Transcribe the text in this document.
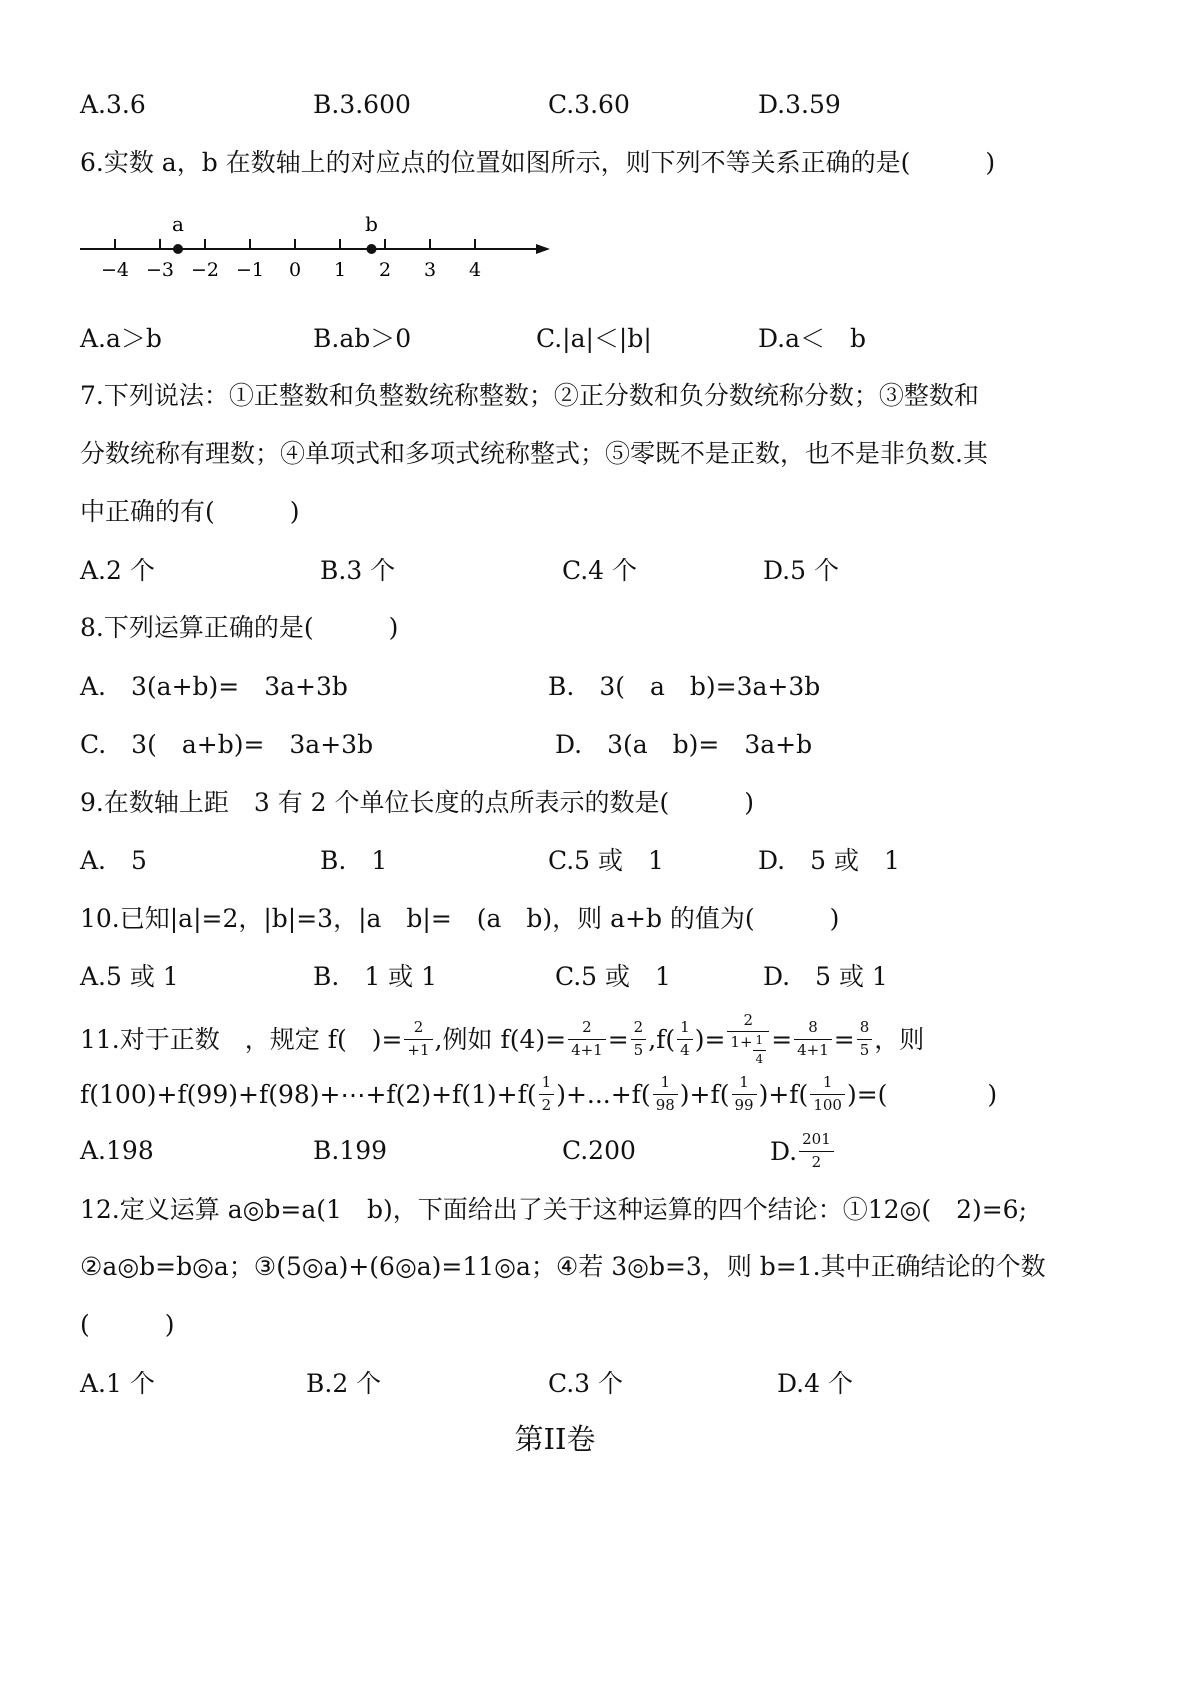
A.3.6	B.3.600	C.3.60	D.3.59
6.实数 a，b 在数轴上的对应点的位置如图所示，则下列不等关系正确的是(　　　)
−4 −3 −2 −1 0 1 2 3 4
a	b
A.a＞b	B.ab＞0	C.|a|＜|b|	D.a＜　b
7.下列说法：①正整数和负整数统称整数；②正分数和负分数统称分数；③整数和
分数统称有理数；④单项式和多项式统称整式；⑤零既不是正数，也不是非负数.其
中正确的有(　　　)
A.2 个	B.3 个	C.4 个	D.5 个
8.下列运算正确的是(　　　)
A.　3(a+b)=　3a+3b	B.　3(　a　b)=3a+3b
C.　3(　a+b)=　3a+3b	D.　3(a　b)=　3a+b
9.在数轴上距　3 有 2 个单位长度的点所表示的数是(　　　)
A.　5	B.　1	C.5 或　1	D.　5 或　1
10.已知|a|=2，|b|=3，|a　b|=　(a　b)，则 a+b 的值为(　　　)
A.5 或 1	B.　1 或 1	C.5 或　1	D.　5 或 1
11.对于正数　，规定 f(　)= $\frac{2}{+1}$ ,例如 $f(4)= \frac{2}{4+1} = \frac{2}{5} ,f( \frac{1}{4}$ )= $\frac{2}{1+ \frac{1}{4}} = \frac{8}{4+1} = \frac{8}{5}$ ，则
f(100)+f(99)+f(98)+⋯+f(2)+f(1)+f( $\frac{1}{2} )+...+f( \frac{1}{98} )+f( \frac{1}{99} )+f( \frac{1}{100}$ )=(　　　　)
A.198	B.199	C.200	D. $\frac{201}{2}$
12.定义运算 a◎b=a(1　b)，下面给出了关于这种运算的四个结论：①12◎(　2)=6;
②a◎b=b◎a；③(5◎a)+(6◎a)=11◎a；④若 3◎b=3，则 b=1.其中正确结论的个数
(　　　)
A.1 个	B.2 个	C.3 个	D.4 个
第II卷
